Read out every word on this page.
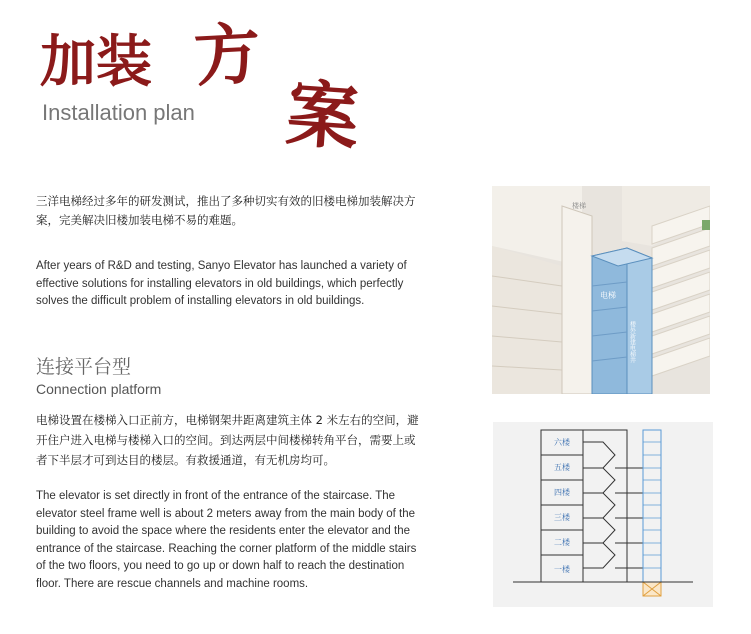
加装 方
案
Installation plan
三洋电梯经过多年的研发测试，推出了多种切实有效的旧楼电梯加装解决方案，完美解决旧楼加装电梯不易的难题。
After years of R&D and testing, Sanyo Elevator has launched a variety of effective solutions for installing elevators in old buildings, which perfectly solves the difficult problem of installing elevators in old buildings.
连接平台型
Connection platform
电梯设置在楼梯入口正前方，电梯钢架井距离建筑主体 2 米左右的空间，避开住户进入电梯与楼梯入口的空间。到达两层中间楼梯转角平台，需要上或者下半层才可到达目的楼层。有救援通道，有无机房均可。
The elevator is set directly in front of the entrance of the staircase. The elevator steel frame well is about 2 meters away from the main body of the building to avoid the space where the residents enter the elevator and the entrance of the staircase. Reaching the corner platform of the middle stairs of the two floors, you need to go up or down half to reach the destination floor. There are rescue channels and machine rooms.
楼梯
电梯
楼外新建电梯井
六楼
五楼
四楼
三楼
二楼
一楼
